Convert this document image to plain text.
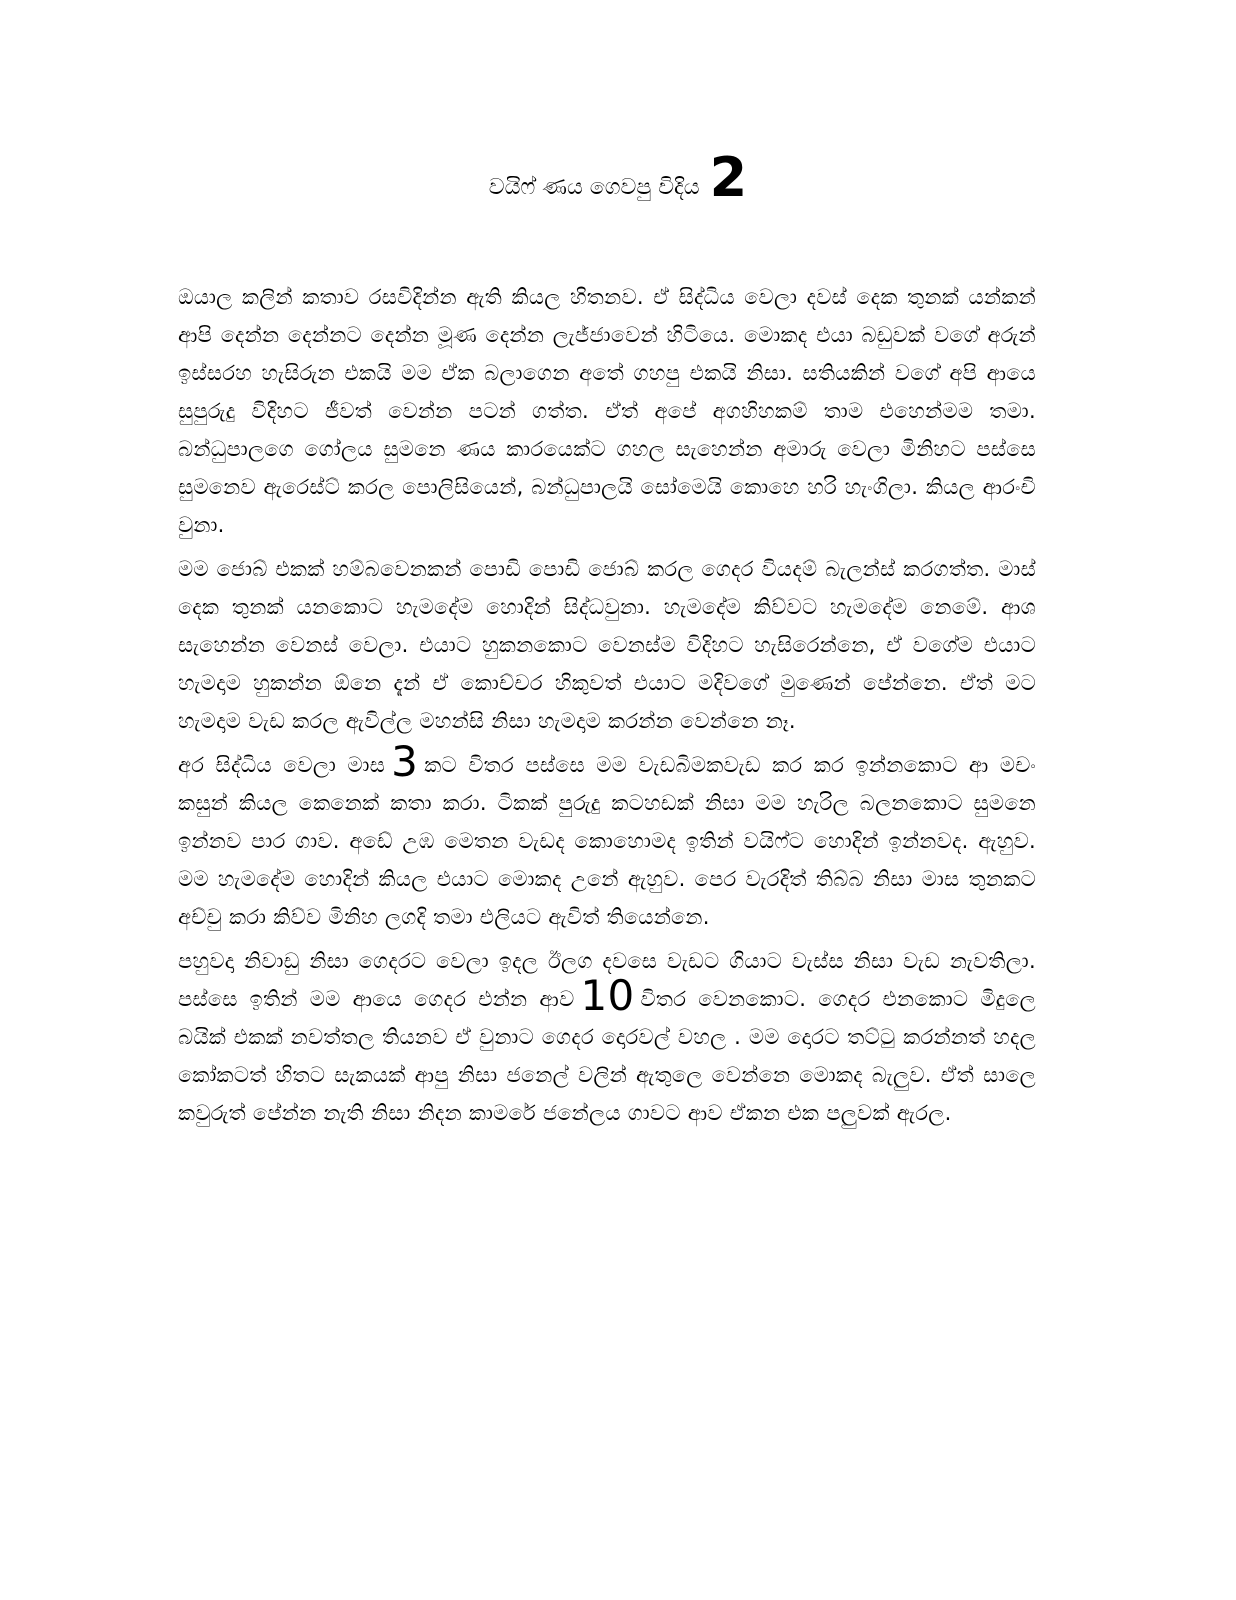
වයිෆ් ණය ගෙවපු විදිය 2

ඔයාල කලින් කතාව රසවිදින්න ඇති කියල හිතනව. ඒ සිද්ධිය වෙලා දවස් දෙක තුනක් යන්කන් ආපි දෙන්න දෙන්නට දෙන්න මූණ දෙන්න ලැජ්ජාවෙන් හිටියෙ. මොකද එයා බඩුවක් වගේ අරුන් ඉස්සරහ හැසිරුන එකයි මම ඒක බලාගෙන අතේ ගහපු එකයි නිසා. සතියකින් වගේ අපි ආයෙ සුපුරුදු විදිහට ජීවත් වෙන්න පටන් ගත්ත. ඒත් අපේ අගහිහකම් තාම එහෙන්මම තමා. බන්ධුපාලගෙ ගෝලය සුමනෙ ණය කාරයෙක්ට ගහල සැහෙන්න අමාරු වෙලා මිනිහට පස්සෙ සුමනෙව ඇරෙස්ට් කරල පොලිසියෙන්, බන්ධුපාලයි සෝමෙයි කොහෙ හරි හැංගිලා. කියල ආරංචි වුනා.

මම ජොබ් එකක් හම්බවෙනකන් පොඩි පොඩි ජොබ් කරල ගෙදර වියදම් බැලන්ස් කරගත්ත. මාස් දෙක තුනක් යනකොට හැමදේම හොදින් සිද්ධවුනා. හැමදේම කිව්වට හැමදේම නෙමේ. ආශ සැහෙන්න වෙනස් වෙලා. එයාට හුකනකොට වෙනස්ම විදිහට හැසිරෙන්නෙ, ඒ වගේම එයාට හැමදාම හුකන්න ඕනෙ දැන් ඒ කොච්චර හිකුවත් එයාට මදිවගේ මුණෙන් පේන්නෙ. ඒත් මට හැමදාම වැඩ කරල ඇවිල්ල මහන්සි නිසා හැමදාම කරන්න වෙන්නෙ නෑ.

අර සිද්ධිය වෙලා මාස 3 කට විතර පස්සෙ මම වැඩබිමකවැඩ කර කර ඉන්නකොට ආ මචං කසුන් කියල කෙනෙක් කතා කරා. ටිකක් පුරුදු කටහඩක් නිසා මම හැරිල බලනකොට සුමනෙ ඉන්නව පාර ගාව. අඩේ උඹ මෙතන වැඩද කොහොමද ඉතින් වයිෆ්ට හොදින් ඉන්නවද. ඇහුව. මම හැමදේම හොදින් කියල එයාට මොකද උනේ ඇහුව. පෙර වැරදිත් තිබ්බ නිසා මාස තුනකට අච්චු කරා කිව්ව මිනිහ ලගදි තමා එලියට ඇවිත් තියෙන්නෙ.

පහුවදා නිවාඩු නිසා ගෙදරට වෙලා ඉදල ඊලග දවසෙ වැඩට ගියාට වැස්ස නිසා වැඩ නැවතිලා. පස්සෙ ඉතින් මම ආයෙ ගෙදර එන්න ආව 10 විතර වෙනකොට. ගෙදර එනකොට මිදුලෙ බයික් එකක් නවත්තල තියනව ඒ වුනාට ගෙදර දොරවල් වහල . මම දොරට තට්ටු කරන්නත් හදල කෝකටත් හිතට සැකයක් ආපු නිසා ජනෙල් වලින් ඇතුලෙ වෙන්නෙ මොකද බැලුව. ඒත් සාලෙ කවුරුත් පේන්න නැති නිසා නිදන කාමරේ ජනේලය ගාවට ආව ඒකන එක පලුවක් ඇරල.
